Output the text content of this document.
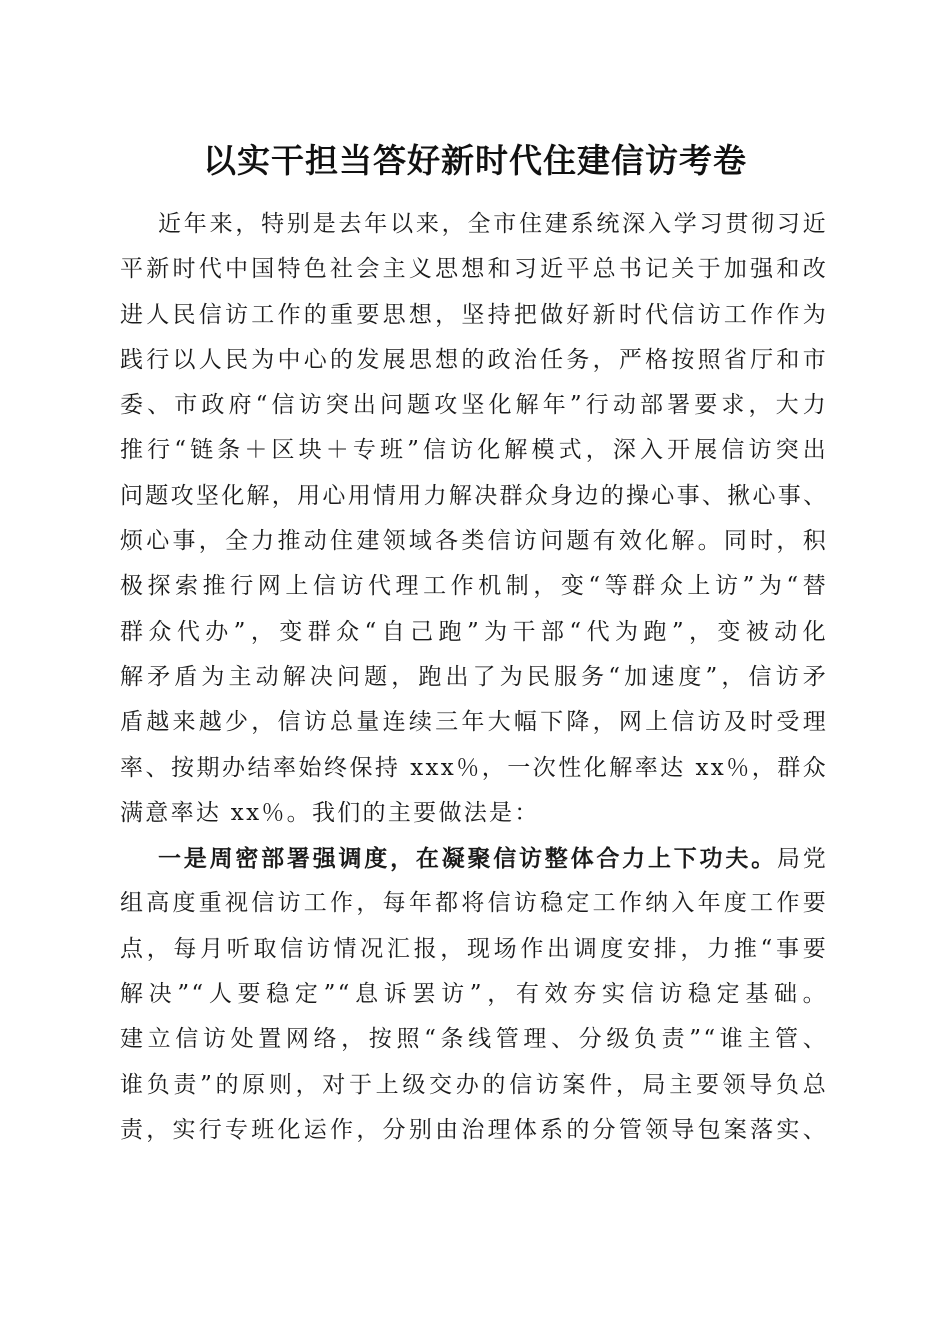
以实干担当答好新时代住建信访考卷
近年来，特别是去年以来，全市住建系统深入学习贯彻习近
平新时代中国特色社会主义思想和习近平总书记关于加强和改
进人民信访工作的重要思想，坚持把做好新时代信访工作作为
践行以人民为中心的发展思想的政治任务，严格按照省厅和市
委、市政府“信访突出问题攻坚化解年”行动部署要求，大力
推行“链条＋区块＋专班”信访化解模式，深入开展信访突出
问题攻坚化解，用心用情用力解决群众身边的操心事、揪心事、
烦心事，全力推动住建领域各类信访问题有效化解。同时，积
极探索推行网上信访代理工作机制，变“等群众上访”为“替
群众代办”，变群众“自己跑”为干部“代为跑”，变被动化
解矛盾为主动解决问题，跑出了为民服务“加速度”，信访矛
盾越来越少，信访总量连续三年大幅下降，网上信访及时受理
率、按期办结率始终保持 xxx％，一次性化解率达 xx％，群众
满意率达 xx％。我们的主要做法是：
一是周密部署强调度，在凝聚信访整体合力上下功夫。局党
组高度重视信访工作，每年都将信访稳定工作纳入年度工作要
点，每月听取信访情况汇报，现场作出调度安排，力推“事要
解决”“人要稳定”“息诉罢访”，有效夯实信访稳定基础。
建立信访处置网络，按照“条线管理、分级负责”“谁主管、
谁负责”的原则，对于上级交办的信访案件，局主要领导负总
责，实行专班化运作，分别由治理体系的分管领导包案落实、
